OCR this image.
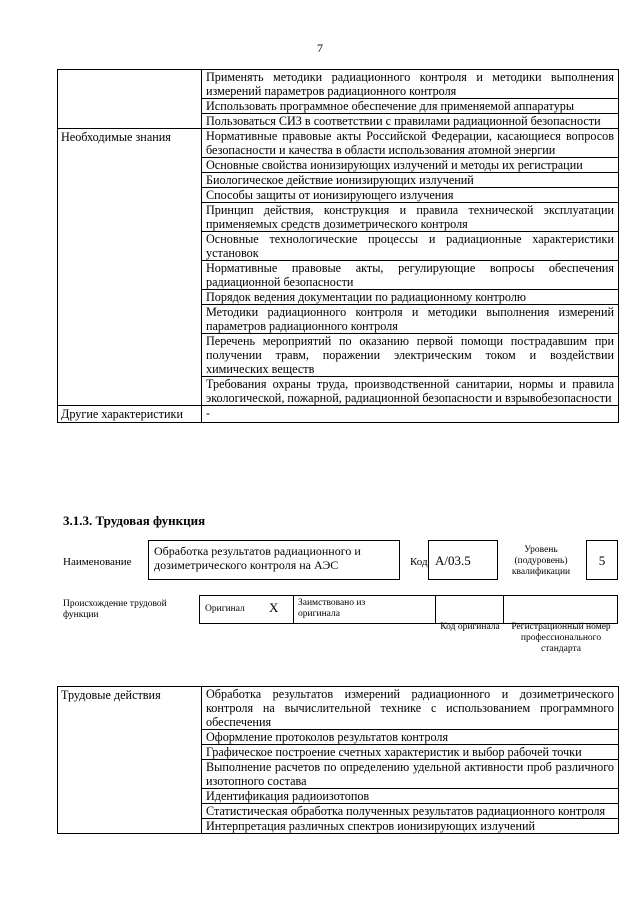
7
	Применять методики радиационного контроля и методики выполнения измерений параметров радиационного контроля
	Использовать программное обеспечение для применяемой аппаратуры
	Пользоваться СИЗ в соответствии с правилами радиационной безопасности
Необходимые знания	Нормативные правовые акты Российской Федерации, касающиеся вопросов безопасности и качества в области использования атомной энергии
	Основные свойства ионизирующих излучений и методы их регистрации
	Биологическое действие ионизирующих излучений
	Способы защиты от ионизирующего излучения
	Принцип действия, конструкция и правила технической эксплуатации применяемых средств дозиметрического контроля
	Основные технологические процессы и радиационные характеристики установок
	Нормативные правовые акты, регулирующие вопросы обеспечения радиационной безопасности
	Порядок ведения документации по радиационному контролю
	Методики радиационного контроля и методики выполнения измерений параметров радиационного контроля
	Перечень мероприятий по оказанию первой помощи пострадавшим при получении травм, поражении электрическим током и воздействии химических веществ
	Требования охраны труда, производственной санитарии, нормы и правила экологической, пожарной, радиационной безопасности и взрывобезопасности
Другие характеристики	-
3.1.3. Трудовая функция
Наименование
Обработка результатов радиационного и дозиметрического контроля на АЭС	Код А/03.5
Уровень (подуровень) квалификации
5
Происхождение трудовой функции
Оригинал X Заимствовано из оригинала
Код оригинала	Регистрационный номер профессионального стандарта
Трудовые действия	Обработка результатов измерений радиационного и дозиметрического контроля на вычислительной технике с использованием программного обеспечения
Оформление протоколов результатов контроля
Графическое построение счетных характеристик и выбор рабочей точки
Выполнение расчетов по определению удельной активности проб различного изотопного состава
Идентификация радиоизотопов
Статистическая обработка полученных результатов радиационного контроля
Интерпретация различных спектров ионизирующих излучений
